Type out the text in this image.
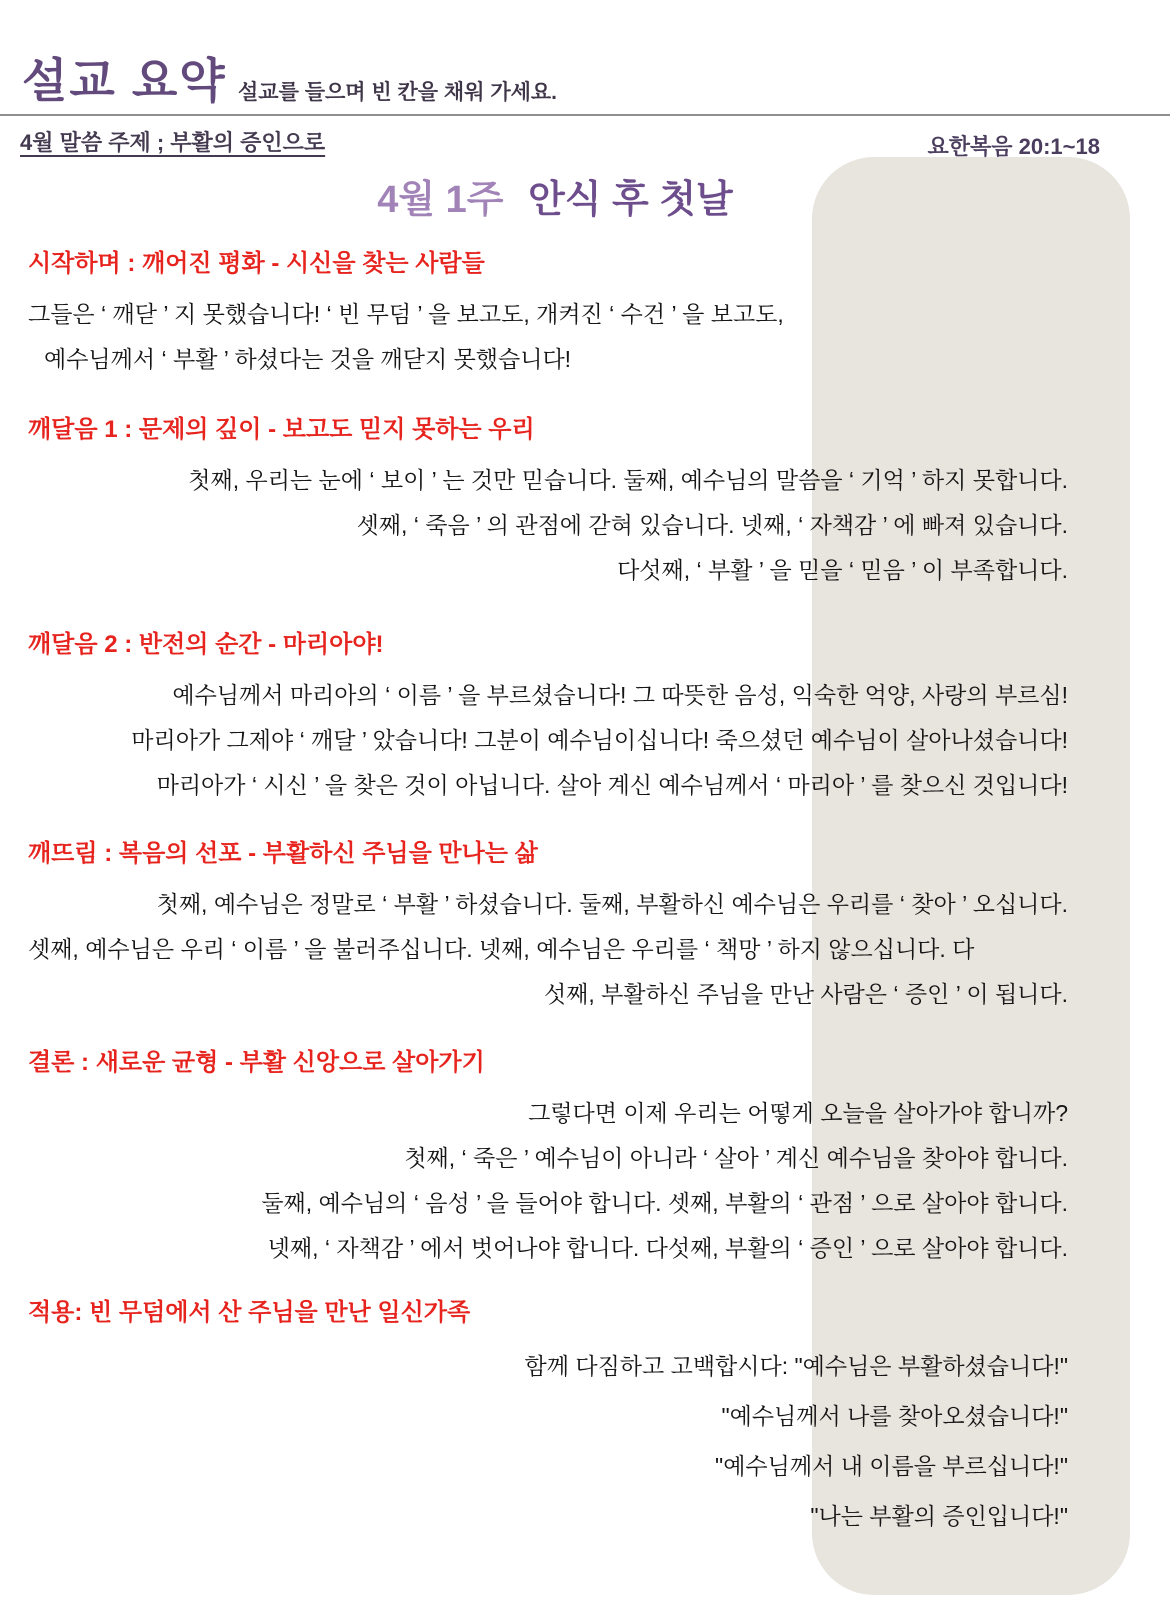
설교 요약 설교를 들으며 빈 칸을 채워 가세요.
4월 말씀 주제 ; 부활의 증인으로	요한복음 20:1~18
4월 1주 안식 후 첫날
시작하며 : 깨어진 평화 - 시신을 찾는 사람들
그들은 ‘ 깨닫 ’ 지 못했습니다! ‘ 빈 무덤 ’ 을 보고도, 개켜진 ‘ 수건 ’ 을 보고도,
예수님께서 ‘ 부활 ’ 하셨다는 것을 깨닫지 못했습니다!
깨달음 1 : 문제의 깊이 - 보고도 믿지 못하는 우리
첫째, 우리는 눈에 ‘ 보이 ’ 는 것만 믿습니다. 둘째, 예수님의 말씀을 ‘ 기억 ’ 하지 못합니다.
셋째, ‘ 죽음 ’ 의 관점에 갇혀 있습니다. 넷째, ‘ 자책감 ’ 에 빠져 있습니다.
다섯째, ‘ 부활 ’ 을 믿을 ‘ 믿음 ’ 이 부족합니다.
깨달음 2 : 반전의 순간 - 마리아야!
예수님께서 마리아의 ‘ 이름 ’ 을 부르셨습니다! 그 따뜻한 음성, 익숙한 억양, 사랑의 부르심!
마리아가 그제야 ‘ 깨달 ’ 았습니다! 그분이 예수님이십니다! 죽으셨던 예수님이 살아나셨습니다!
마리아가 ‘ 시신 ’ 을 찾은 것이 아닙니다. 살아 계신 예수님께서 ‘ 마리아 ’ 를 찾으신 것입니다!
깨뜨림 : 복음의 선포 - 부활하신 주님을 만나는 삶
첫째, 예수님은 정말로 ‘ 부활 ’ 하셨습니다. 둘째, 부활하신 예수님은 우리를 ‘ 찾아 ’ 오십니다.
셋째, 예수님은 우리 ‘ 이름 ’ 을 불러주십니다. 넷째, 예수님은 우리를 ‘ 책망 ’ 하지 않으십니다. 다
섯째, 부활하신 주님을 만난 사람은 ‘ 증인 ’ 이 됩니다.
결론 : 새로운 균형 - 부활 신앙으로 살아가기
그렇다면 이제 우리는 어떻게 오늘을 살아가야 합니까?
첫째, ‘ 죽은 ’ 예수님이 아니라 ‘ 살아 ’ 계신 예수님을 찾아야 합니다.
둘째, 예수님의 ‘ 음성 ’ 을 들어야 합니다. 셋째, 부활의 ‘ 관점 ’ 으로 살아야 합니다.
넷째, ‘ 자책감 ’ 에서 벗어나야 합니다. 다섯째, 부활의 ‘ 증인 ’ 으로 살아야 합니다.
적용: 빈 무덤에서 산 주님을 만난 일신가족
함께 다짐하고 고백합시다: "예수님은 부활하셨습니다!"
"예수님께서 나를 찾아오셨습니다!"
"예수님께서 내 이름을 부르십니다!"
"나는 부활의 증인입니다!"
